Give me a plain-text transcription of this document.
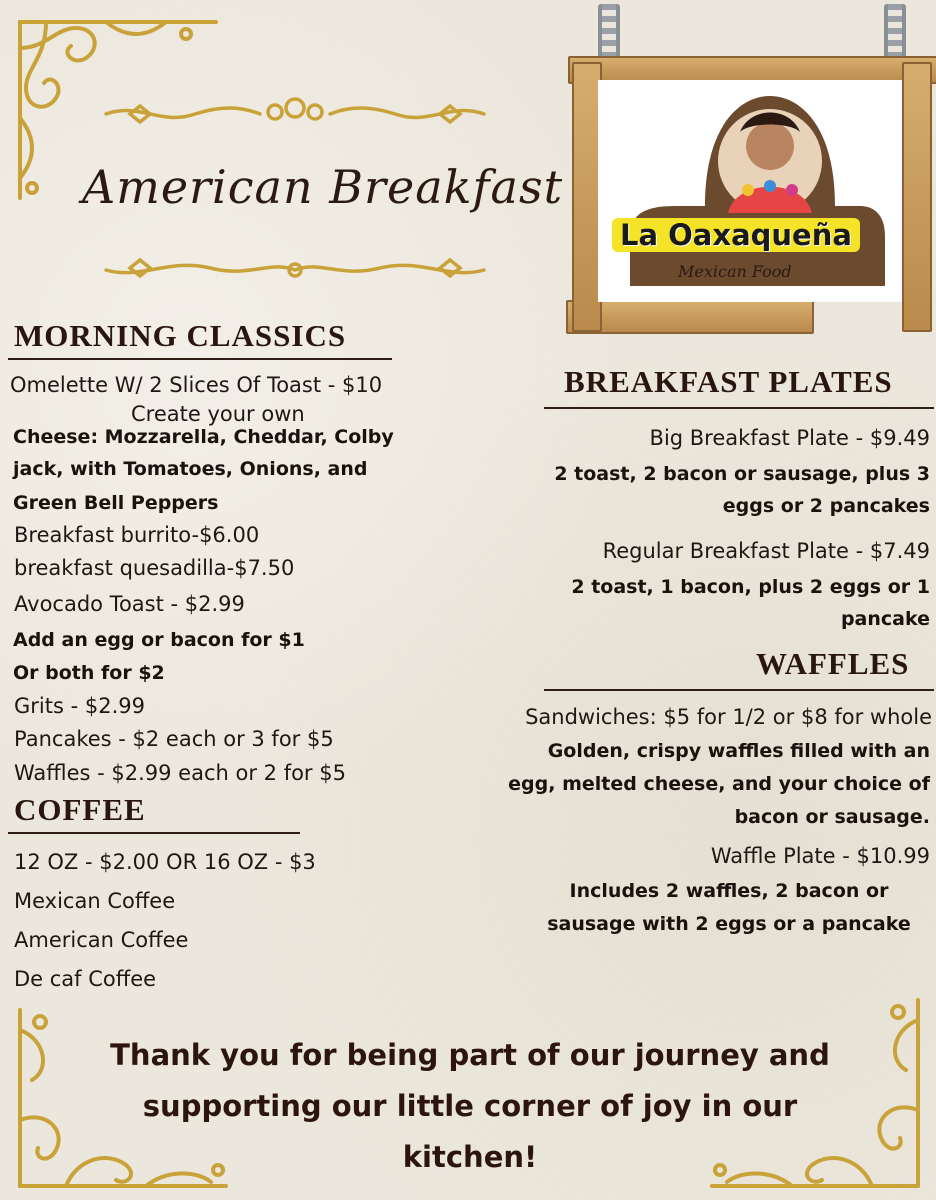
American Breakfast
La Oaxaqueña
Mexican Food
MORNING CLASSICS
Omelette W/ 2 Slices Of Toast - $10
Create your own
Cheese: Mozzarella, Cheddar, Colby
jack, with Tomatoes, Onions, and
Green Bell Peppers
Breakfast burrito-$6.00
breakfast quesadilla-$7.50
Avocado Toast - $2.99
Add an egg or bacon for $1
Or both for $2
Grits - $2.99
Pancakes - $2 each or 3 for $5
Waffles - $2.99 each or 2 for $5
COFFEE
12 OZ - $2.00 OR 16 OZ - $3
Mexican Coffee
American Coffee
De caf Coffee
BREAKFAST PLATES
Big Breakfast Plate - $9.49
2 toast, 2 bacon or sausage, plus 3
eggs or 2 pancakes
Regular Breakfast Plate - $7.49
2 toast, 1 bacon, plus 2 eggs or 1
pancake
WAFFLES
Sandwiches: $5 for 1/2 or $8 for whole
Golden, crispy waffles filled with an
egg, melted cheese, and your choice of
bacon or sausage.
Waffle Plate - $10.99
Includes 2 waffles, 2 bacon or
sausage with 2 eggs or a pancake
Thank you for being part of our journey and
supporting our little corner of joy in our
kitchen!
